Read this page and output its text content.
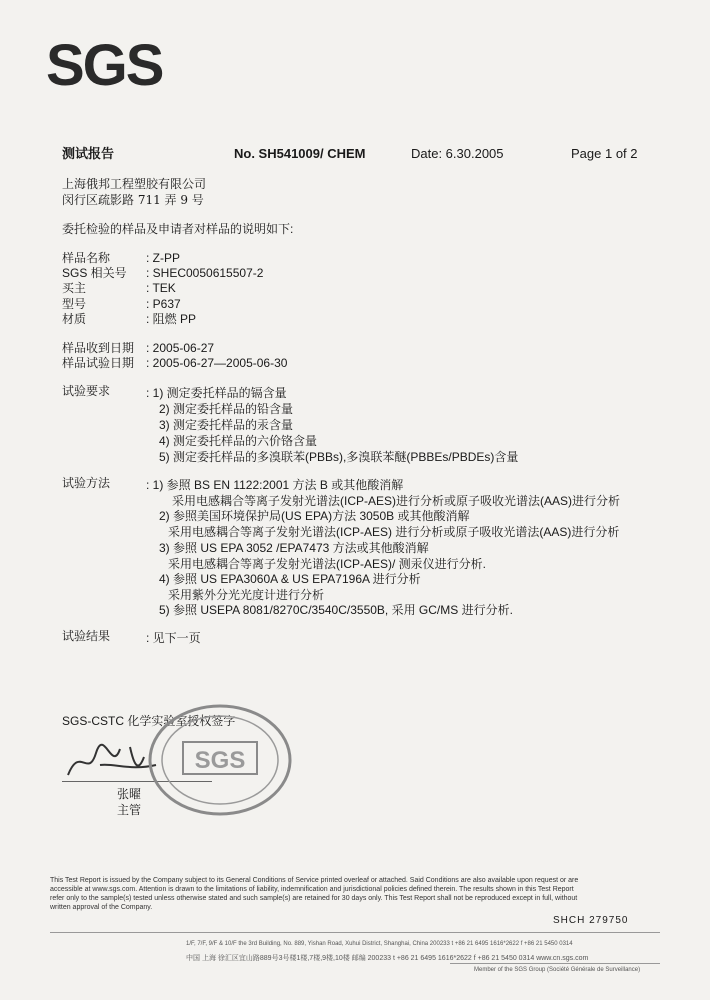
SGS
测试报告	No. SH541009/ CHEM	Date: 6.30.2005	Page 1 of 2
上海俄邦工程塑胶有限公司
闵行区疏影路 711 弄 9 号
委托检验的样品及申请者对样品的说明如下:
样品名称	: Z-PP
SGS 相关号 : SHEC0050615507-2
买主	: TEK
型号	: P637
材质	: 阻燃 PP
样品收到日期 : 2005-06-27
样品试验日期 : 2005-06-27—2005-06-30
试验要求	: 1) 测定委托样品的镉含量
2) 测定委托样品的铅含量
3) 测定委托样品的汞含量
4) 测定委托样品的六价铬含量
5) 测定委托样品的多溴联苯(PBBs),多溴联苯醚(PBBEs/PBDEs)含量
试验方法	: 1) 参照 BS EN 1122:2001 方法 B 或其他酸消解
采用电感耦合等离子发射光谱法(ICP-AES)进行分析或原子吸收光谱法(AAS)进行分析
2) 参照美国环境保护局(US EPA)方法 3050B 或其他酸消解
采用电感耦合等离子发射光谱法(ICP-AES) 进行分析或原子吸收光谱法(AAS)进行分析
3) 参照 US EPA 3052 /EPA7473 方法或其他酸消解
采用电感耦合等离子发射光谱法(ICP-AES)/ 测汞仪进行分析.
4) 参照 US EPA3060A & US EPA7196A 进行分析
采用紫外分光光度计进行分析
5) 参照 USEPA 8081/8270C/3540C/3550B, 采用 GC/MS 进行分析.
试验结果	: 见下一页
SGS-CSTC 化学实验室授权签字
SGS
张曜
主管
This Test Report is issued by the Company subject to its General Conditions of Service printed overleaf or attached. Said Conditions are also available upon request or are
accessible at www.sgs.com. Attention is drawn to the limitations of liability, indemnification and jurisdictional policies defined therein. The results shown in this Test Report
refer only to the sample(s) tested unless otherwise stated and such sample(s) are retained for 30 days only. This Test Report shall not be reproduced except in full, without
written approval of the Company.
SHCH 279750
1/F, 7/F, 9/F & 10/F the 3rd Building, No. 889, Yishan Road, Xuhui District, Shanghai, China 200233 t +86 21 6495 1616*2622 f +86 21 5450 0314
中国 上海 徐汇区宜山路889号3号楼1楼,7楼,9楼,10楼 邮编 200233 t +86 21 6495 1616*2622 f +86 21 5450 0314 www.cn.sgs.com
Member of the SGS Group (Société Générale de Surveillance)
